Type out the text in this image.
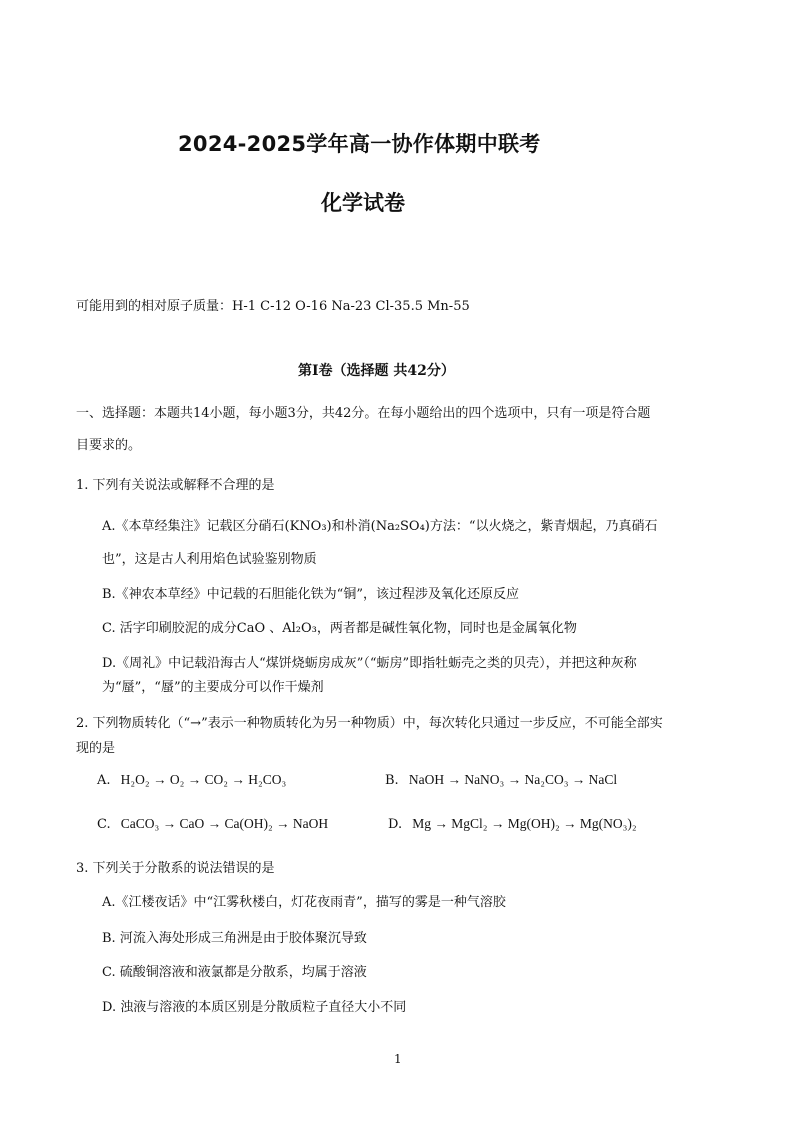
2024-2025学年高一协作体期中联考
化学试卷
可能用到的相对原子质量：H-1 C-12 O-16 Na-23 Cl-35.5 Mn-55
第Ⅰ卷（选择题 共42分）
一、选择题：本题共14小题，每小题3分，共42分。在每小题给出的四个选项中，只有一项是符合题
目要求的。
1. 下列有关说法或解释不合理的是
A.《本草经集注》记载区分硝石(KNO₃)和朴消(Na₂SO₄)方法：“以火烧之，紫青烟起，乃真硝石
也”，这是古人利用焰色试验鉴别物质
B.《神农本草经》中记载的石胆能化铁为“铜”，该过程涉及氧化还原反应
C. 活字印刷胶泥的成分CaO 、Al₂O₃，两者都是碱性氧化物，同时也是金属氧化物
D.《周礼》中记载沿海古人“煤饼烧蛎房成灰”（“蛎房”即指牡蛎壳之类的贝壳），并把这种灰称
为“蜃”，“蜃”的主要成分可以作干燥剂
2. 下列物质转化（“→”表示一种物质转化为另一种物质）中，每次转化只通过一步反应，不可能全部实
现的是
A. H₂O₂ → O₂ → CO₂ → H₂CO₃	B. NaOH → NaNO₃ → Na₂CO₃ → NaCl
C. CaCO₃ → CaO → Ca(OH)₂ → NaOH	D. Mg → MgCl₂ → Mg(OH)₂ → Mg(NO₃)₂
3. 下列关于分散系的说法错误的是
A.《江楼夜话》中“江雾秋楼白，灯花夜雨青”，描写的雾是一种气溶胶
B. 河流入海处形成三角洲是由于胶体聚沉导致
C. 硫酸铜溶液和液氯都是分散系，均属于溶液
D. 浊液与溶液的本质区别是分散质粒子直径大小不同
1
